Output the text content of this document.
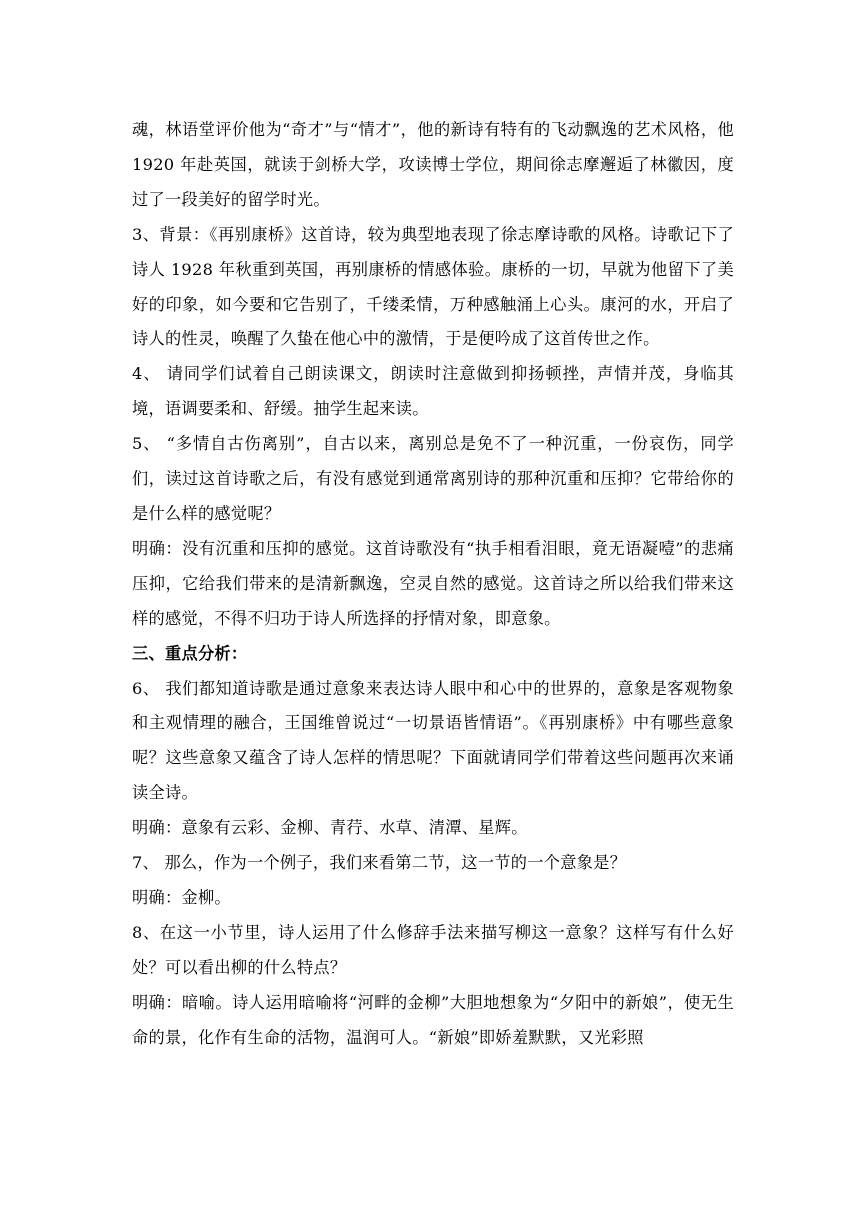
魂，林语堂评价他为“奇才”与“情才”，他的新诗有特有的飞动飘逸的艺术风格，他 1920 年赴英国，就读于剑桥大学，攻读博士学位，期间徐志摩邂逅了林徽因，度过了一段美好的留学时光。

3、背景：《再别康桥》这首诗，较为典型地表现了徐志摩诗歌的风格。诗歌记下了诗人 1928 年秋重到英国，再别康桥的情感体验。康桥的一切，早就为他留下了美好的印象，如今要和它告别了，千缕柔情，万种感触涌上心头。康河的水，开启了诗人的性灵，唤醒了久蛰在他心中的激情，于是便吟成了这首传世之作。

4、 请同学们试着自己朗读课文，朗读时注意做到抑扬顿挫，声情并茂，身临其境，语调要柔和、舒缓。抽学生起来读。

5、 “多情自古伤离别”，自古以来，离别总是免不了一种沉重，一份哀伤，同学们，读过这首诗歌之后，有没有感觉到通常离别诗的那种沉重和压抑？它带给你的是什么样的感觉呢？

明确：没有沉重和压抑的感觉。这首诗歌没有“执手相看泪眼，竟无语凝噎”的悲痛压抑，它给我们带来的是清新飘逸，空灵自然的感觉。这首诗之所以给我们带来这样的感觉，不得不归功于诗人所选择的抒情对象，即意象。

三、重点分析：

6、 我们都知道诗歌是通过意象来表达诗人眼中和心中的世界的，意象是客观物象和主观情理的融合，王国维曾说过“一切景语皆情语”。《再别康桥》中有哪些意象呢？这些意象又蕴含了诗人怎样的情思呢？下面就请同学们带着这些问题再次来诵读全诗。

明确：意象有云彩、金柳、青荇、水草、清潭、星辉。

7、 那么，作为一个例子，我们来看第二节，这一节的一个意象是？

明确：金柳。

8、在这一小节里，诗人运用了什么修辞手法来描写柳这一意象？这样写有什么好处？可以看出柳的什么特点？

明确：暗喻。诗人运用暗喻将“河畔的金柳”大胆地想象为“夕阳中的新娘”，使无生命的景，化作有生命的活物，温润可人。“新娘”即娇羞默默，又光彩照
